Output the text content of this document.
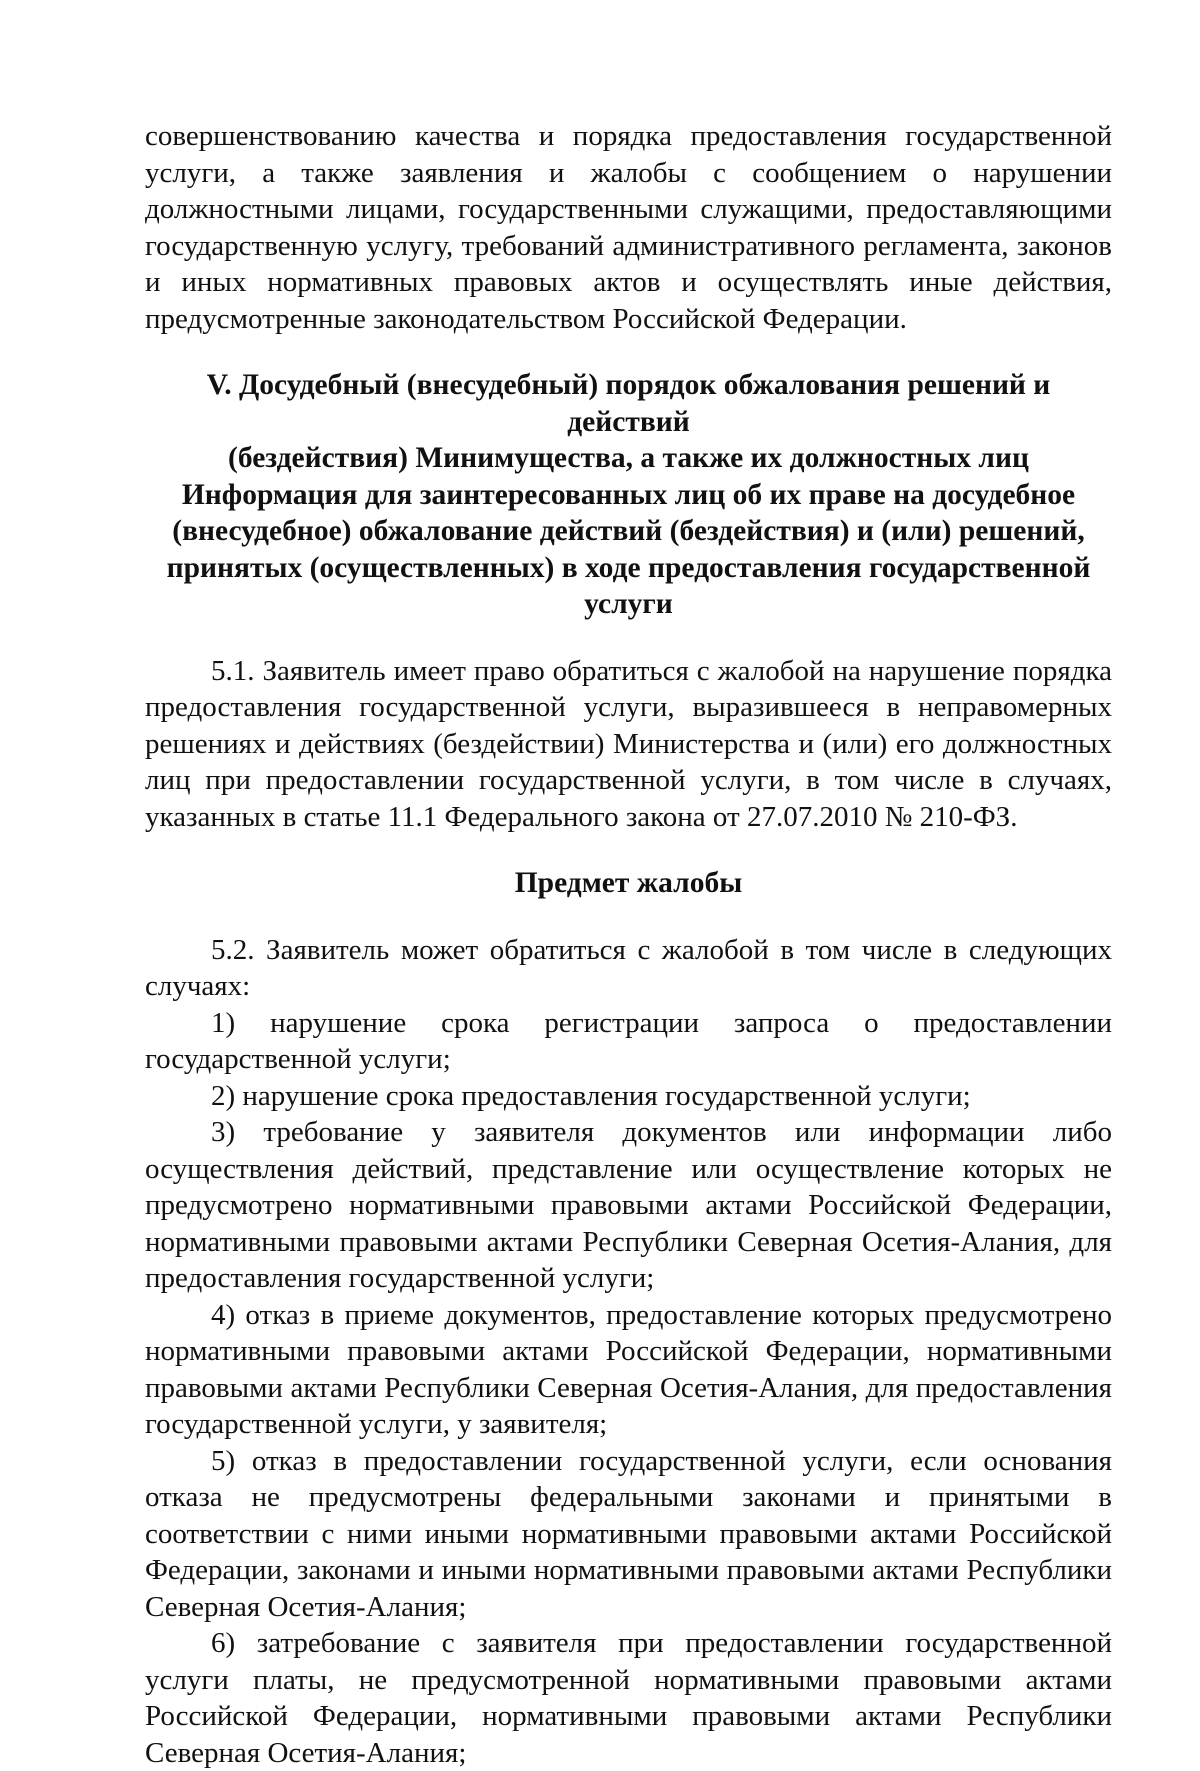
совершенствованию качества и порядка предоставления государственной услуги, а также заявления и жалобы с сообщением о нарушении должностными лицами, государственными служащими, предоставляющими государственную услугу, требований административного регламента, законов и иных нормативных правовых актов и осуществлять иные действия, предусмотренные законодательством Российской Федерации.

V. Досудебный (внесудебный) порядок обжалования решений и действий
(бездействия) Минимущества, а также их должностных лиц
Информация для заинтересованных лиц об их праве на досудебное
(внесудебное) обжалование действий (бездействия) и (или) решений,
принятых (осуществленных) в ходе предоставления государственной
услуги

5.1. Заявитель имеет право обратиться с жалобой на нарушение порядка предоставления государственной услуги, выразившееся в неправомерных решениях и действиях (бездействии) Министерства и (или) его должностных лиц при предоставлении государственной услуги, в том числе в случаях, указанных в статье 11.1 Федерального закона от 27.07.2010 № 210-ФЗ.

Предмет жалобы

5.2. Заявитель может обратиться с жалобой в том числе в следующих случаях:

1) нарушение срока регистрации запроса о предоставлении государственной услуги;

2) нарушение срока предоставления государственной услуги;

3) требование у заявителя документов или информации либо осуществления действий, представление или осуществление которых не предусмотрено нормативными правовыми актами Российской Федерации, нормативными правовыми актами Республики Северная Осетия-Алания, для предоставления государственной услуги;

4) отказ в приеме документов, предоставление которых предусмотрено нормативными правовыми актами Российской Федерации, нормативными правовыми актами Республики Северная Осетия-Алания, для предоставления государственной услуги, у заявителя;

5) отказ в предоставлении государственной услуги, если основания отказа не предусмотрены федеральными законами и принятыми в соответствии с ними иными нормативными правовыми актами Российской Федерации, законами и иными нормативными правовыми актами Республики Северная Осетия-Алания;

6) затребование с заявителя при предоставлении государственной услуги платы, не предусмотренной нормативными правовыми актами Российской Федерации, нормативными правовыми актами Республики Северная Осетия-Алания;
